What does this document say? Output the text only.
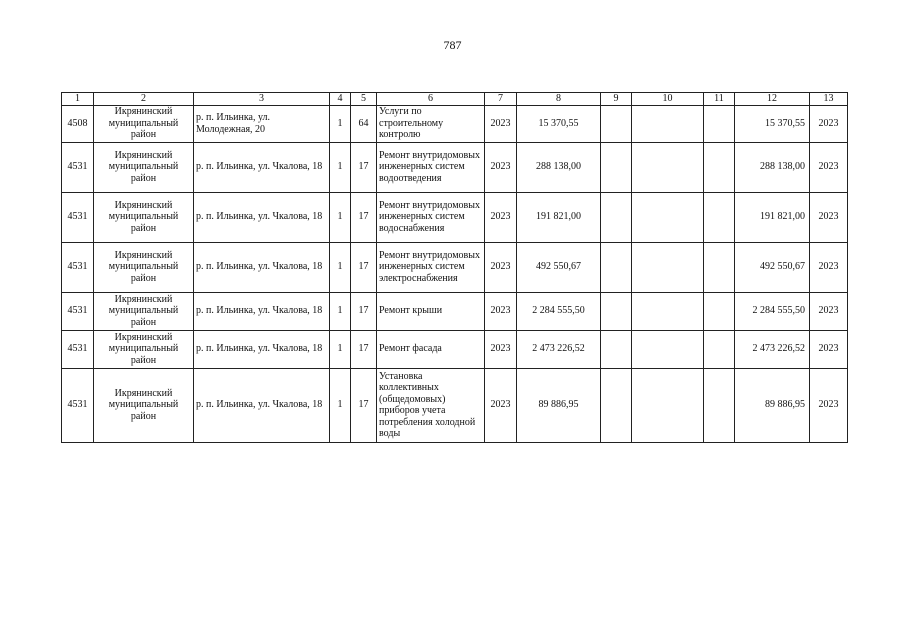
787
1	2	3	4	5	6	7	8	9	10	11	12	13
4508	Икрянинский муниципальный район	р. п. Ильинка, ул. Молодежная, 20	1	64	Услуги по строительному контролю	2023	15 370,55				15 370,55	2023
4531	Икрянинский муниципальный район	р. п. Ильинка, ул. Чкалова, 18	1	17	Ремонт внутридомовых инженерных систем водоотведения	2023	288 138,00				288 138,00	2023
4531	Икрянинский муниципальный район	р. п. Ильинка, ул. Чкалова, 18	1	17	Ремонт внутридомовых инженерных систем водоснабжения	2023	191 821,00				191 821,00	2023
4531	Икрянинский муниципальный район	р. п. Ильинка, ул. Чкалова, 18	1	17	Ремонт внутридомовых инженерных систем электроснабжения	2023	492 550,67				492 550,67	2023
4531	Икрянинский муниципальный район	р. п. Ильинка, ул. Чкалова, 18	1	17	Ремонт крыши	2023	2 284 555,50				2 284 555,50	2023
4531	Икрянинский муниципальный район	р. п. Ильинка, ул. Чкалова, 18	1	17	Ремонт фасада	2023	2 473 226,52				2 473 226,52	2023
4531	Икрянинский муниципальный район	р. п. Ильинка, ул. Чкалова, 18	1	17	Установка коллективных (общедомовых) приборов учета потребления холодной воды	2023	89 886,95				89 886,95	2023
